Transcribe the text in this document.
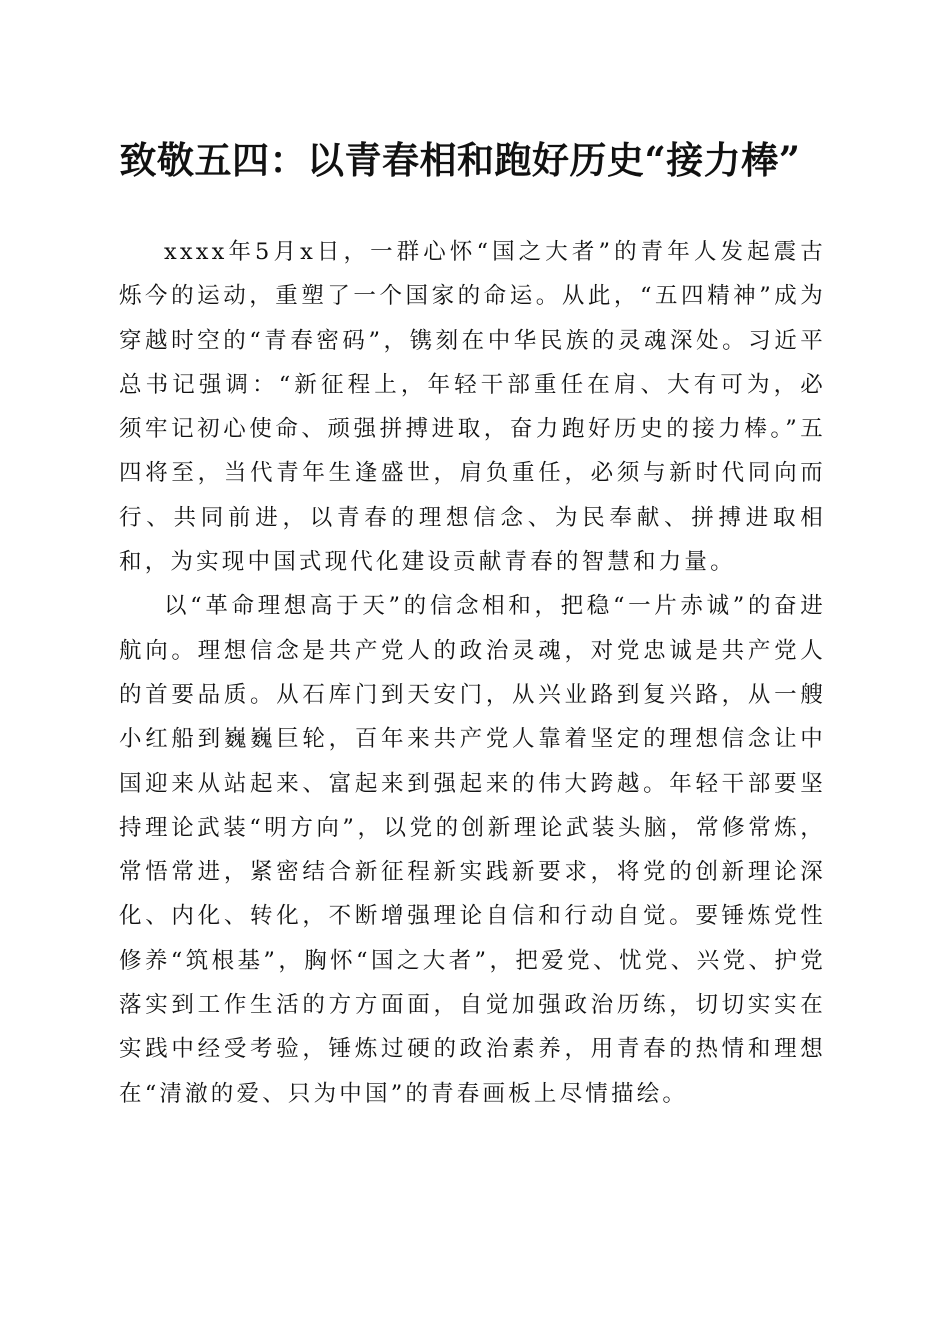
致敬五四：以青春相和跑好历史“接力棒”

xxxx年5月x日，一群心怀“国之大者”的青年人发起震古烁今的运动，重塑了一个国家的命运。从此，“五四精神”成为穿越时空的“青春密码”，镌刻在中华民族的灵魂深处。习近平总书记强调：“新征程上，年轻干部重任在肩、大有可为，必须牢记初心使命、顽强拼搏进取，奋力跑好历史的接力棒。”五四将至，当代青年生逢盛世，肩负重任，必须与新时代同向而行、共同前进，以青春的理想信念、为民奉献、拼搏进取相和，为实现中国式现代化建设贡献青春的智慧和力量。

以“革命理想高于天”的信念相和，把稳“一片赤诚”的奋进航向。理想信念是共产党人的政治灵魂，对党忠诚是共产党人的首要品质。从石库门到天安门，从兴业路到复兴路，从一艘小红船到巍巍巨轮，百年来共产党人靠着坚定的理想信念让中国迎来从站起来、富起来到强起来的伟大跨越。年轻干部要坚持理论武装“明方向”，以党的创新理论武装头脑，常修常炼，常悟常进，紧密结合新征程新实践新要求，将党的创新理论深化、内化、转化，不断增强理论自信和行动自觉。要锤炼党性修养“筑根基”，胸怀“国之大者”，把爱党、忧党、兴党、护党落实到工作生活的方方面面，自觉加强政治历练，切切实实在实践中经受考验，锤炼过硬的政治素养，用青春的热情和理想在“清澈的爱、只为中国”的青春画板上尽情描绘。
